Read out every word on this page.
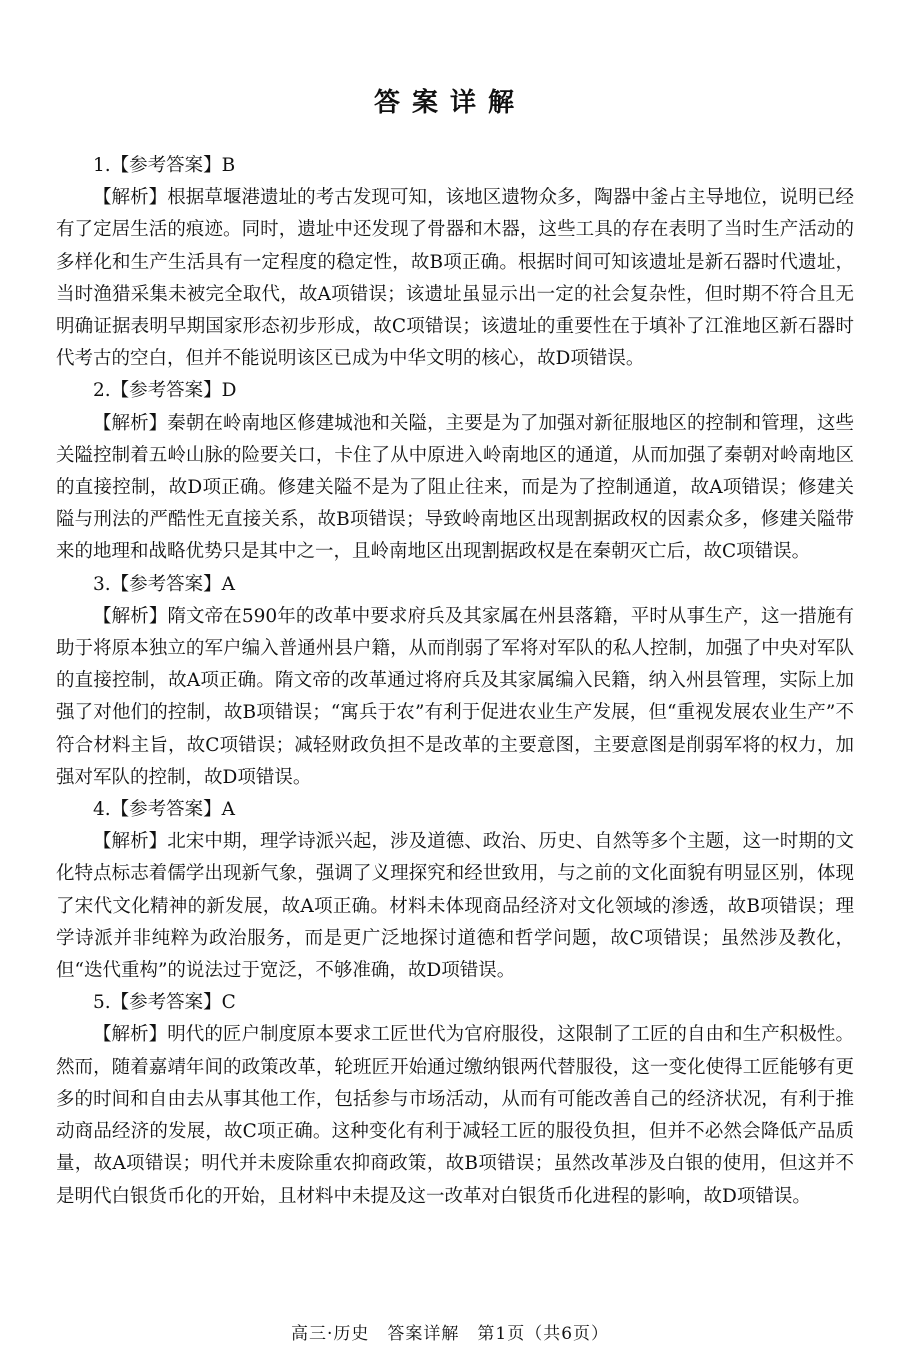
答案详解
1.【参考答案】B

【解析】根据草堰港遗址的考古发现可知，该地区遗物众多，陶器中釜占主导地位，说明已经有了定居生活的痕迹。同时，遗址中还发现了骨器和木器，这些工具的存在表明了当时生产活动的多样化和生产生活具有一定程度的稳定性，故B项正确。根据时间可知该遗址是新石器时代遗址，当时渔猎采集未被完全取代，故A项错误；该遗址虽显示出一定的社会复杂性，但时期不符合且无明确证据表明早期国家形态初步形成，故C项错误；该遗址的重要性在于填补了江淮地区新石器时代考古的空白，但并不能说明该区已成为中华文明的核心，故D项错误。

2.【参考答案】D

【解析】秦朝在岭南地区修建城池和关隘，主要是为了加强对新征服地区的控制和管理，这些关隘控制着五岭山脉的险要关口，卡住了从中原进入岭南地区的通道，从而加强了秦朝对岭南地区的直接控制，故D项正确。修建关隘不是为了阻止往来，而是为了控制通道，故A项错误；修建关隘与刑法的严酷性无直接关系，故B项错误；导致岭南地区出现割据政权的因素众多，修建关隘带来的地理和战略优势只是其中之一，且岭南地区出现割据政权是在秦朝灭亡后，故C项错误。

3.【参考答案】A

【解析】隋文帝在590年的改革中要求府兵及其家属在州县落籍，平时从事生产，这一措施有助于将原本独立的军户编入普通州县户籍，从而削弱了军将对军队的私人控制，加强了中央对军队的直接控制，故A项正确。隋文帝的改革通过将府兵及其家属编入民籍，纳入州县管理，实际上加强了对他们的控制，故B项错误；“寓兵于农”有利于促进农业生产发展，但“重视发展农业生产”不符合材料主旨，故C项错误；减轻财政负担不是改革的主要意图，主要意图是削弱军将的权力，加强对军队的控制，故D项错误。

4.【参考答案】A

【解析】北宋中期，理学诗派兴起，涉及道德、政治、历史、自然等多个主题，这一时期的文化特点标志着儒学出现新气象，强调了义理探究和经世致用，与之前的文化面貌有明显区别，体现了宋代文化精神的新发展，故A项正确。材料未体现商品经济对文化领域的渗透，故B项错误；理学诗派并非纯粹为政治服务，而是更广泛地探讨道德和哲学问题，故C项错误；虽然涉及教化，但“迭代重构”的说法过于宽泛，不够准确，故D项错误。

5.【参考答案】C

【解析】明代的匠户制度原本要求工匠世代为官府服役，这限制了工匠的自由和生产积极性。然而，随着嘉靖年间的政策改革，轮班匠开始通过缴纳银两代替服役，这一变化使得工匠能够有更多的时间和自由去从事其他工作，包括参与市场活动，从而有可能改善自己的经济状况，有利于推动商品经济的发展，故C项正确。这种变化有利于减轻工匠的服役负担，但并不必然会降低产品质量，故A项错误；明代并未废除重农抑商政策，故B项错误；虽然改革涉及白银的使用，但这并不是明代白银货币化的开始，且材料中未提及这一改革对白银货币化进程的影响，故D项错误。

高三·历史　答案详解　第1页（共6页）
